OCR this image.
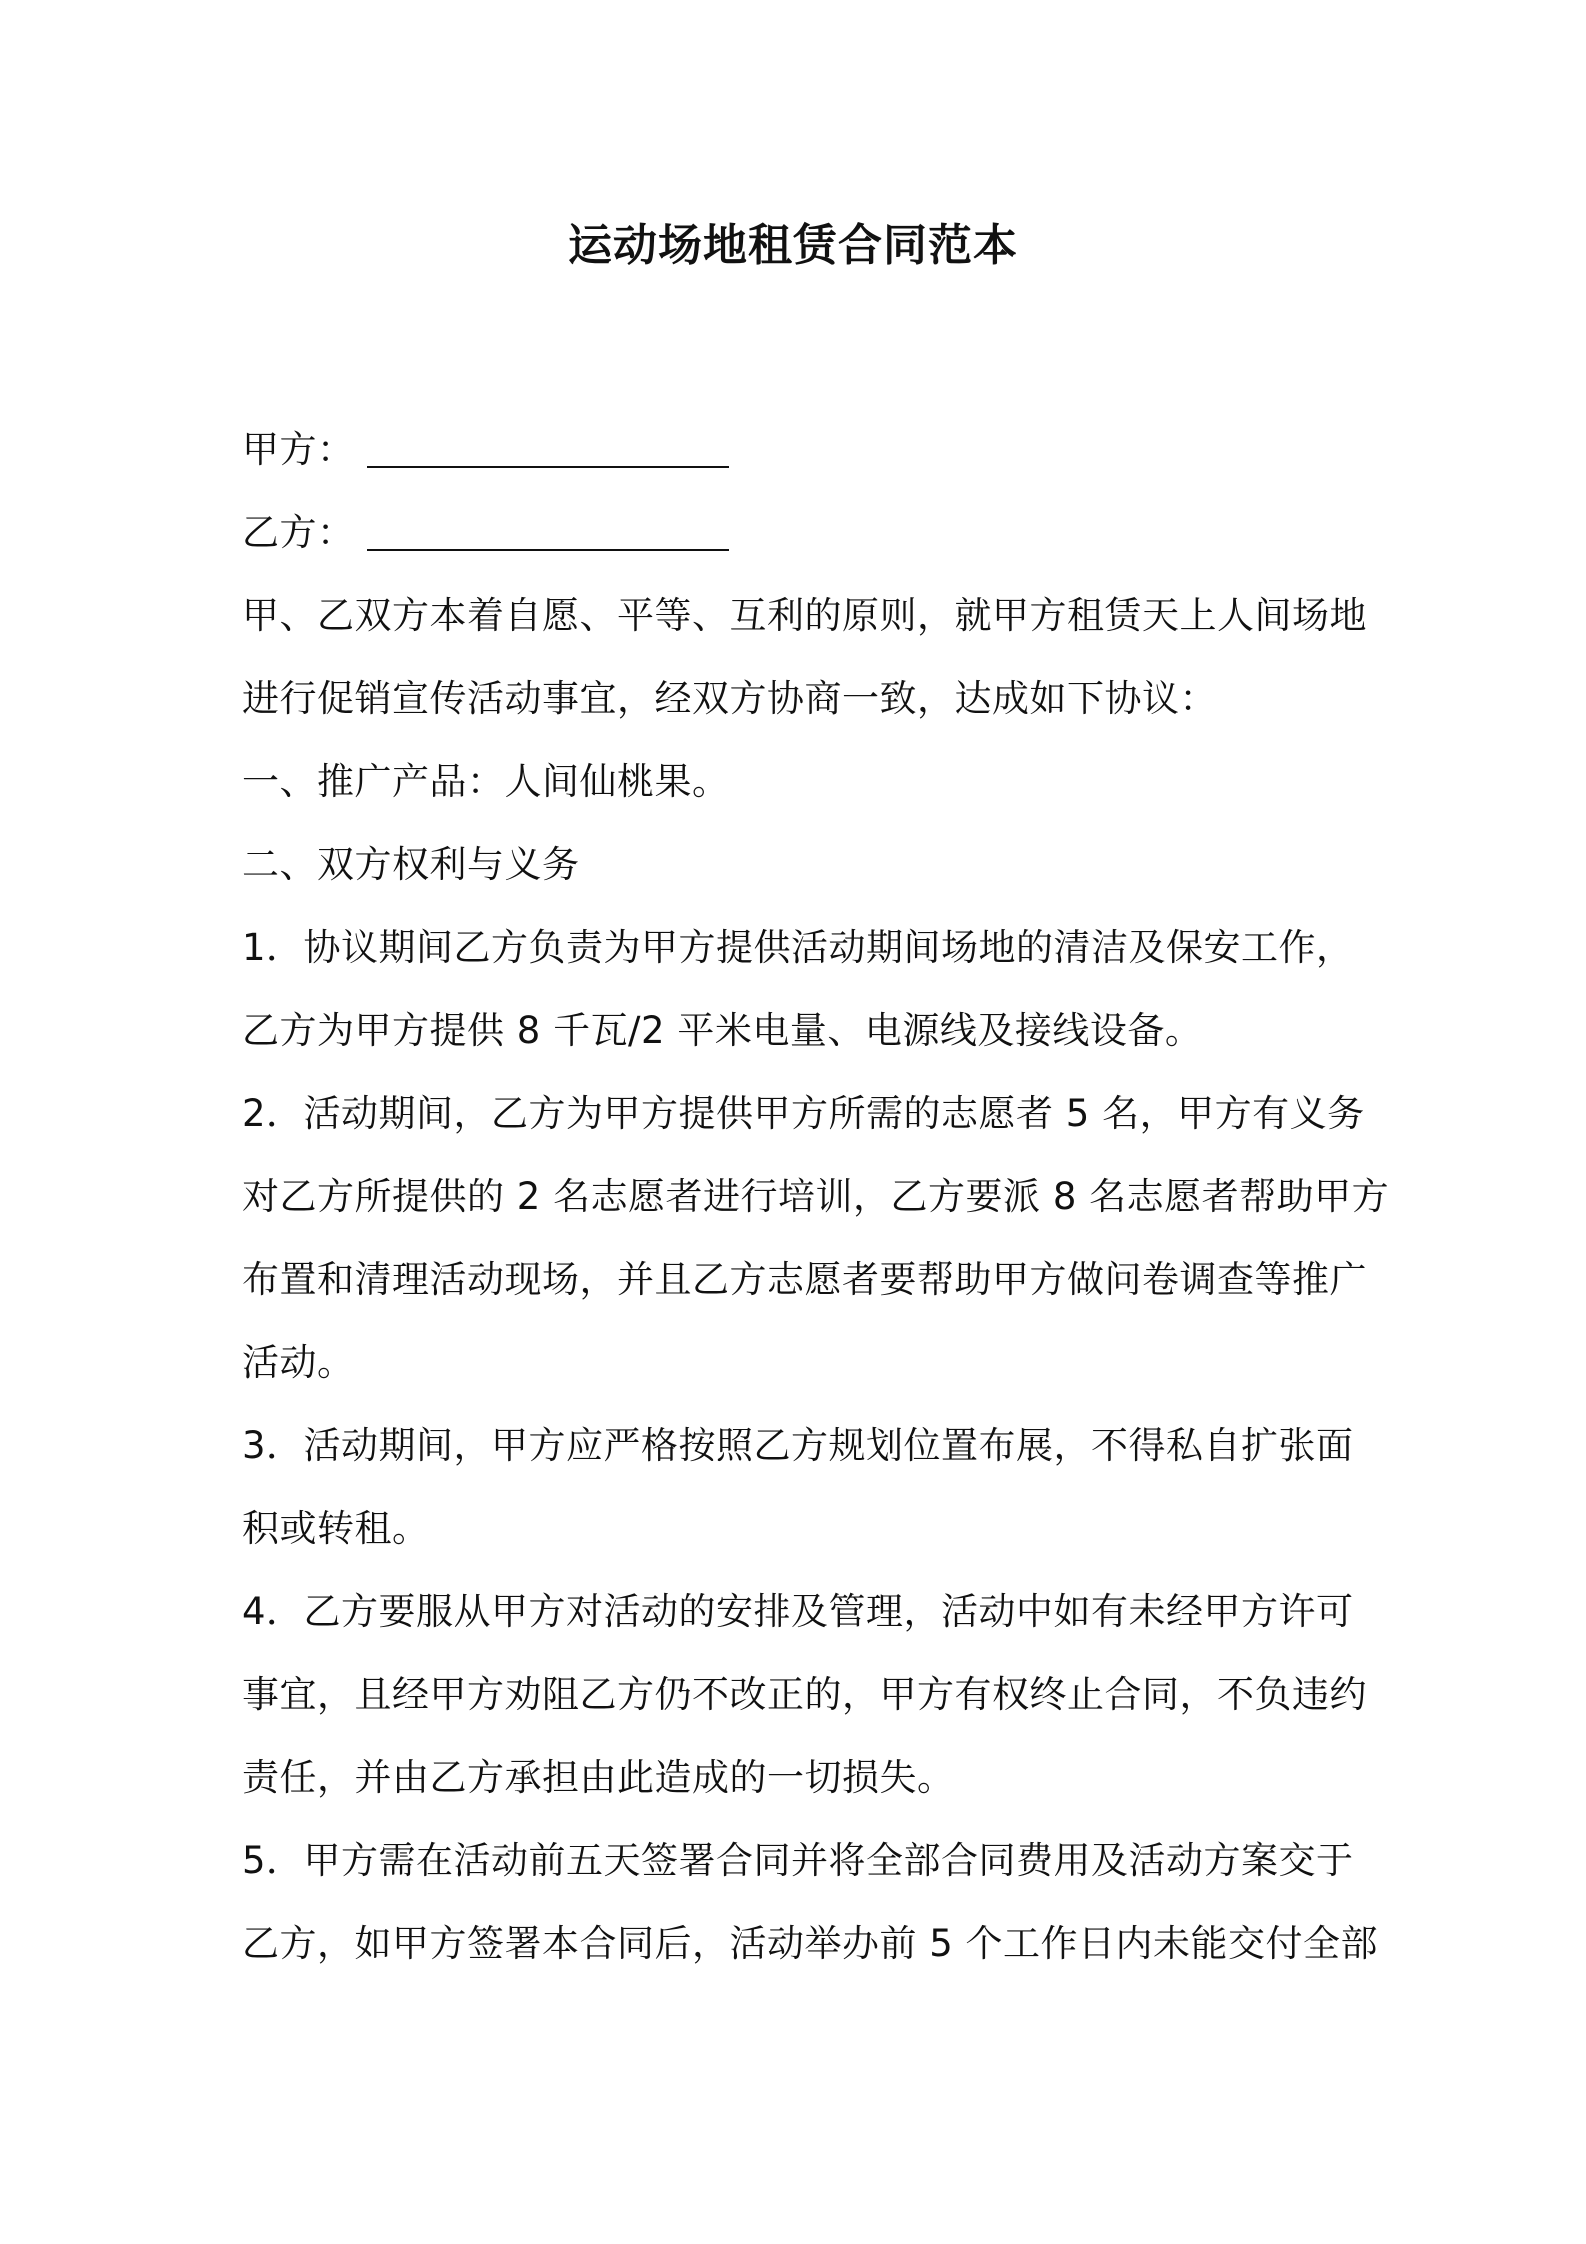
运动场地租赁合同范本
甲方：
乙方：
甲、乙双方本着自愿、平等、互利的原则，就甲方租赁天上人间场地
进行促销宣传活动事宜，经双方协商一致，达成如下协议：
一、推广产品：人间仙桃果。
二、双方权利与义务
1．协议期间乙方负责为甲方提供活动期间场地的清洁及保安工作，
乙方为甲方提供 8 千瓦/2 平米电量、电源线及接线设备。
2．活动期间，乙方为甲方提供甲方所需的志愿者 5 名，甲方有义务
对乙方所提供的 2 名志愿者进行培训，乙方要派 8 名志愿者帮助甲方
布置和清理活动现场，并且乙方志愿者要帮助甲方做问卷调查等推广
活动。
3．活动期间，甲方应严格按照乙方规划位置布展，不得私自扩张面
积或转租。
4．乙方要服从甲方对活动的安排及管理，活动中如有未经甲方许可
事宜，且经甲方劝阻乙方仍不改正的，甲方有权终止合同，不负违约
责任，并由乙方承担由此造成的一切损失。
5．甲方需在活动前五天签署合同并将全部合同费用及活动方案交于
乙方，如甲方签署本合同后，活动举办前 5 个工作日内未能交付全部
